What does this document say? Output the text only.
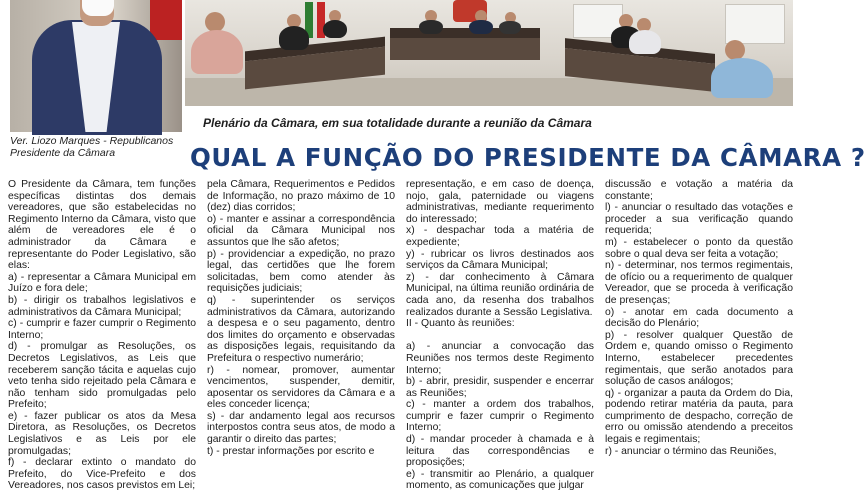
Ver. Liozo Marques - Republicanos
Presidente da Câmara
Plenário da Câmara, em sua totalidade durante a reunião da Câmara
QUAL A FUNÇÃO DO PRESIDENTE DA CÂMARA ?

O Presidente da Câmara, tem funções específicas distintas dos demais vereadores, que são estabelecidas no Regimento Interno da Câmara, visto que além de vereadores ele é o administrador da Câmara e representante do Poder Legislativo, são elas:

a) - representar a Câmara Municipal em Juízo e fora dele;

b) - dirigir os trabalhos legislativos e administrativos da Câmara Municipal;

c) - cumprir e fazer cumprir o Regimento Interno;

d) - promulgar as Resoluções, os Decretos Legislativos, as Leis que receberem sanção tácita e aquelas cujo veto tenha sido rejeitado pela Câmara e não tenham sido promulgadas pelo Prefeito;

e) - fazer publicar os atos da Mesa Diretora, as Resoluções, os Decretos Legislativos e as Leis por ele promulgadas;

f) - declarar extinto o mandato do Prefeito, do Vice-Prefeito e dos Vereadores, nos casos previstos em Lei;

pela Câmara, Requerimentos e Pedidos de Informação, no prazo máximo de 10 (dez) dias corridos;

o) - manter e assinar a correspondência oficial da Câmara Municipal nos assuntos que lhe são afetos;

p) - providenciar a expedição, no prazo legal, das certidões que lhe forem solicitadas, bem como atender às requisições judiciais;

q) - superintender os serviços administrativos da Câmara, autorizando a despesa e o seu pagamento, dentro dos limites do orçamento e observadas as disposições legais, requisitando da Prefeitura o respectivo numerário;

r) - nomear, promover, aumentar vencimentos, suspender, demitir, aposentar os servidores da Câmara e a eles conceder licença;

s) - dar andamento legal aos recursos interpostos contra seus atos, de modo a garantir o direito das partes;

t) - prestar informações por escrito e

representação, e em caso de doença, nojo, gala, paternidade ou viagens administrativas, mediante requerimento do interessado;

x) - despachar toda a matéria de expediente;

y) - rubricar os livros destinados aos serviços da Câmara Municipal;

z) - dar conhecimento à Câmara Municipal, na última reunião ordinária de cada ano, da resenha dos trabalhos realizados durante a Sessão Legislativa.

II - Quanto às reuniões:

a) - anunciar a convocação das Reuniões nos termos deste Regimento Interno;

b) - abrir, presidir, suspender e encerrar as Reuniões;

c) - manter a ordem dos trabalhos, cumprir e fazer cumprir o Regimento Interno;

d) - mandar proceder à chamada e à leitura das correspondências e proposições;

e) - transmitir ao Plenário, a qualquer momento, as comunicações que julgar

discussão e votação a matéria da constante;

l) - anunciar o resultado das votações e proceder a sua verificação quando requerida;

m) - estabelecer o ponto da questão sobre o qual deva ser feita a votação;

n) - determinar, nos termos regimentais, de ofício ou a requerimento de qualquer Vereador, que se proceda à verificação de presenças;

o) - anotar em cada documento a decisão do Plenário;

p) - resolver qualquer Questão de Ordem e, quando omisso o Regimento Interno, estabelecer precedentes regimentais, que serão anotados para solução de casos análogos;

q) - organizar a pauta da Ordem do Dia, podendo retirar matéria da pauta, para cumprimento de despacho, correção de erro ou omissão atendendo a preceitos legais e regimentais;

r) - anunciar o término das Reuniões,
